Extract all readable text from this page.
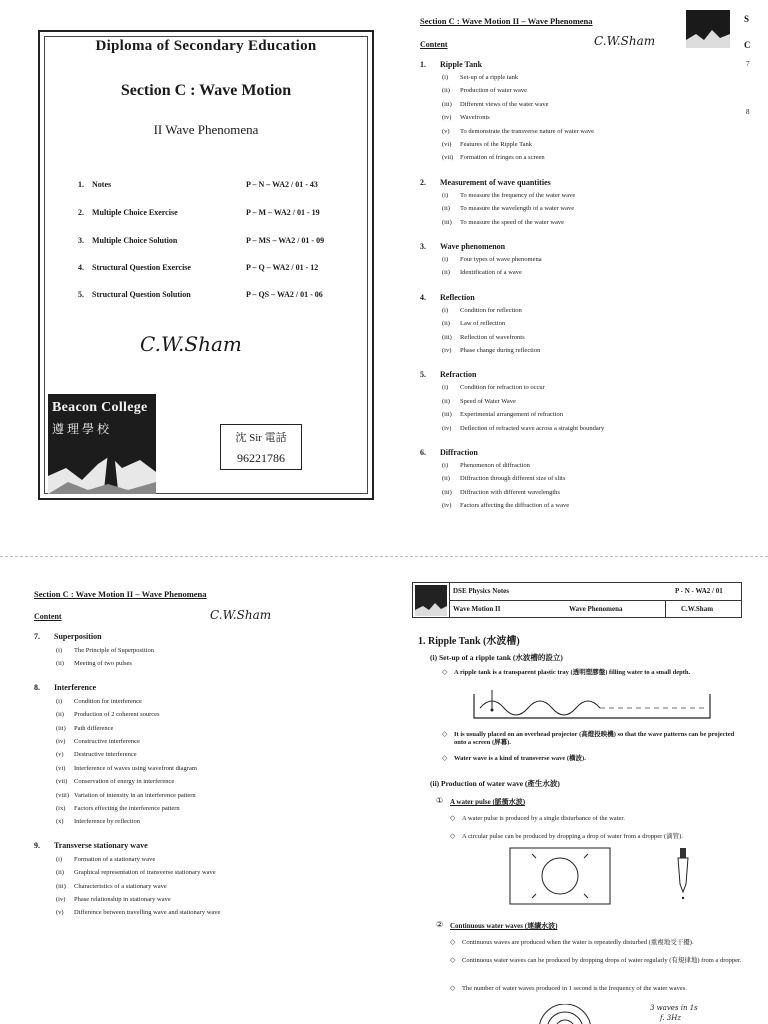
Diploma of Secondary Education
Section C : Wave Motion
II Wave Phenomena
1.	Notes	P – N – WA2 / 01 - 43
2.	Multiple Choice Exercise	P – M – WA2 / 01 - 19
3.	Multiple Choice Solution	P – MS – WA2 / 01 - 09
4.	Structural Question Exercise	P – Q – WA2 / 01 - 12
5.	Structural Question Solution	P – QS – WA2 / 01 - 06
C.W.Sham
Beacon College
遵理學校
沈 Sir 電話
96221786
Section C : Wave Motion II – Wave Phenomena
Content	C.W.Sham
S
C
7
8
1. Ripple Tank
(i) Set-up of a ripple tank
(ii) Production of water wave
(iii) Different views of the water wave
(iv) Wavefronts
(v) To demonstrate the transverse nature of water wave
(vi) Features of the Ripple Tank
(vii) Formation of fringes on a screen
2. Measurement of wave quantities
(i) To measure the frequency of the water wave
(ii) To measure the wavelength of a water wave
(iii) To measure the speed of the water wave
3. Wave phenomenon
(i) Four types of wave phenomena
(ii) Identification of a wave
4. Reflection
(i) Condition for reflection
(ii) Law of reflection
(iii) Reflection of wavefronts
(iv) Phase change during reflection
5. Refraction
(i) Condition for refraction to occur
(ii) Speed of Water Wave
(iii) Experimental arrangement of refraction
(iv) Deflection of refracted wave across a straight boundary
6. Diffraction
(i) Phenomenon of diffraction
(ii) Diffraction through different size of slits
(iii) Diffraction with different wavelengths
(iv) Factors affecting the diffraction of a wave
Section C : Wave Motion II – Wave Phenomena
Content	C.W.Sham
7. Superposition
(i) The Principle of Superposition
(ii) Meeting of two pulses
8. Interference
(i) Condition for interference
(ii) Production of 2 coherent sources
(iii) Path difference
(iv) Constructive interference
(v) Destructive interference
(vi) Interference of waves using wavefront diagram
(vii) Conservation of energy in interference
(viii) Variation of intensity in an interference pattern
(ix) Factors effecting the interference pattern
(x) Interference by reflection
9. Transverse stationary wave
(i) Formation of a stationary wave
(ii) Graphical representation of transverse stationary wave
(iii) Characteristics of a stationary wave
(iv) Phase relationship in stationary wave
(v) Difference between travelling wave and stationary wave
DSE Physics Notes	P - N - WA2 / 01
Wave Motion II	Wave Phenomena	C.W.Sham
1. Ripple Tank (水波槽)
(i) Set-up of a ripple tank (水波槽的設立)
◇ A ripple tank is a transparent plastic tray (透明塑膠盤) filling water to a small depth.
◇ It is usually placed on an overhead projector (高燈投映機) so that the wave patterns can be projected onto a screen (屏幕).
◇ Water wave is a kind of transverse wave (橫波).
(ii) Production of water wave (產生水波)
① A water pulse (脈衝水波)
◇ A water pulse is produced by a single disturbance of the water.
◇ A circular pulse can be produced by dropping a drop of water from a dropper (滴管).
② Continuous water waves (連續水波)
◇ Continuous waves are produced when the water is repeatedly disturbed (重複地受干擾).
◇ Continuous water waves can be produced by dropping drops of water regularly (有規律地) from a dropper.
◇ The number of water waves produced in 1 second is the frequency of the water waves.
3 waves in 1s
f. 3Hz
